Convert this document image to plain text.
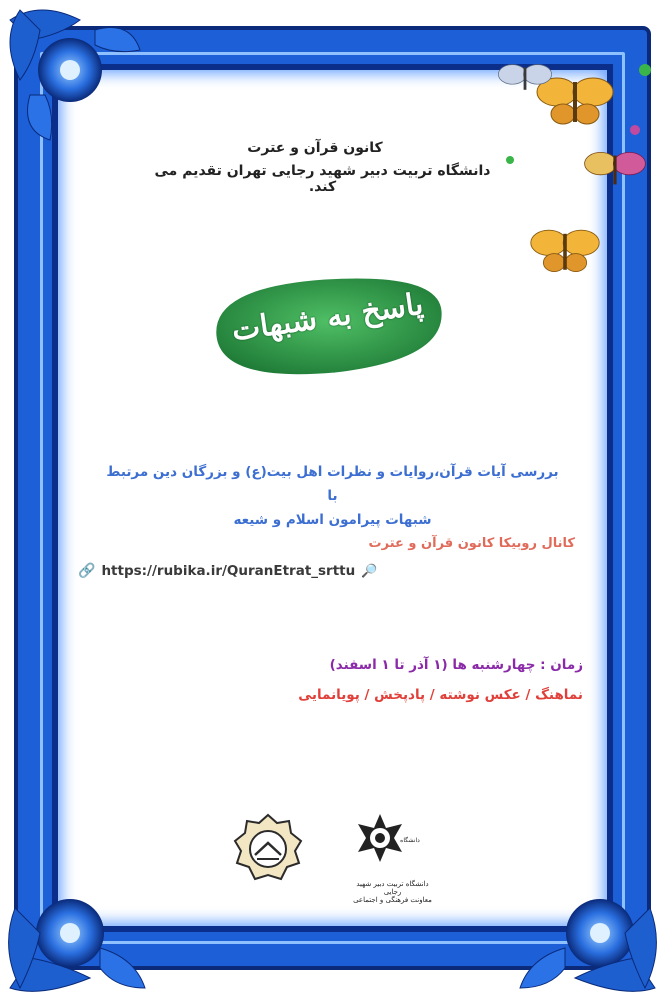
کانون قرآن و عترت
دانشگاه تربیت دبیر شهید رجایی تهران تقدیم می کند.
پاسخ به شبهات
بررسی آیات قرآن،روایات و نظرات اهل بیت(ع) و بزرگان دین مرتبط با
شبهات پیرامون اسلام و شیعه
کانال روبیکا کانون قرآن و عترت
🔗 https://rubika.ir/QuranEtrat_srttu 🔎
زمان : چهارشنبه ها (۱ آذر تا ۱ اسفند)
نماهنگ / عکس نوشته / پادپخش / پویانمایی
دانشگاه
دانشگاه تربیت دبیر شهید رجایی
معاونت فرهنگی و اجتماعی
